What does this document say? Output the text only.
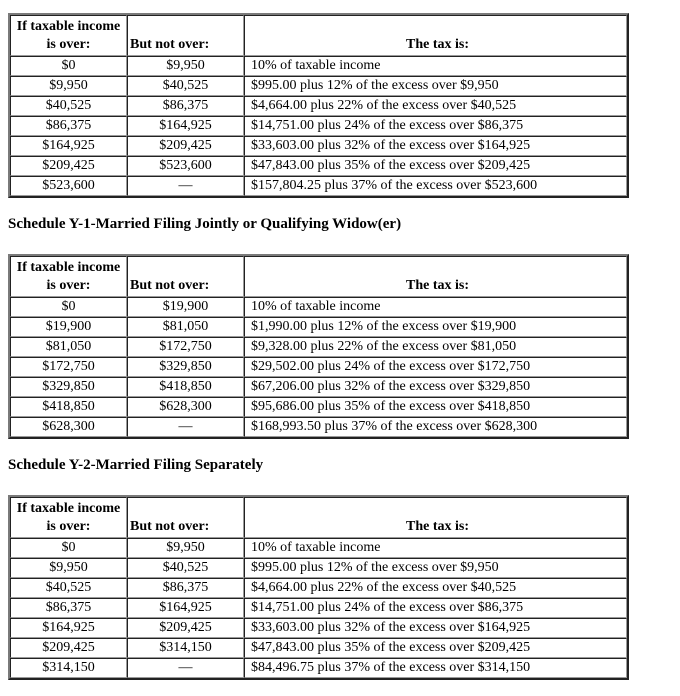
If taxable income is over:	But not over:	The tax is:
$0	$9,950	10% of taxable income
$9,950	$40,525	$995.00 plus 12% of the excess over $9,950
$40,525	$86,375	$4,664.00 plus 22% of the excess over $40,525
$86,375	$164,925	$14,751.00 plus 24% of the excess over $86,375
$164,925	$209,425	$33,603.00 plus 32% of the excess over $164,925
$209,425	$523,600	$47,843.00 plus 35% of the excess over $209,425
$523,600	—	$157,804.25 plus 37% of the excess over $523,600
Schedule Y-1-Married Filing Jointly or Qualifying Widow(er)
If taxable income is over:	But not over:	The tax is:
$0	$19,900	10% of taxable income
$19,900	$81,050	$1,990.00 plus 12% of the excess over $19,900
$81,050	$172,750	$9,328.00 plus 22% of the excess over $81,050
$172,750	$329,850	$29,502.00 plus 24% of the excess over $172,750
$329,850	$418,850	$67,206.00 plus 32% of the excess over $329,850
$418,850	$628,300	$95,686.00 plus 35% of the excess over $418,850
$628,300	—	$168,993.50 plus 37% of the excess over $628,300
Schedule Y-2-Married Filing Separately
If taxable income is over:	But not over:	The tax is:
$0	$9,950	10% of taxable income
$9,950	$40,525	$995.00 plus 12% of the excess over $9,950
$40,525	$86,375	$4,664.00 plus 22% of the excess over $40,525
$86,375	$164,925	$14,751.00 plus 24% of the excess over $86,375
$164,925	$209,425	$33,603.00 plus 32% of the excess over $164,925
$209,425	$314,150	$47,843.00 plus 35% of the excess over $209,425
$314,150	—	$84,496.75 plus 37% of the excess over $314,150
